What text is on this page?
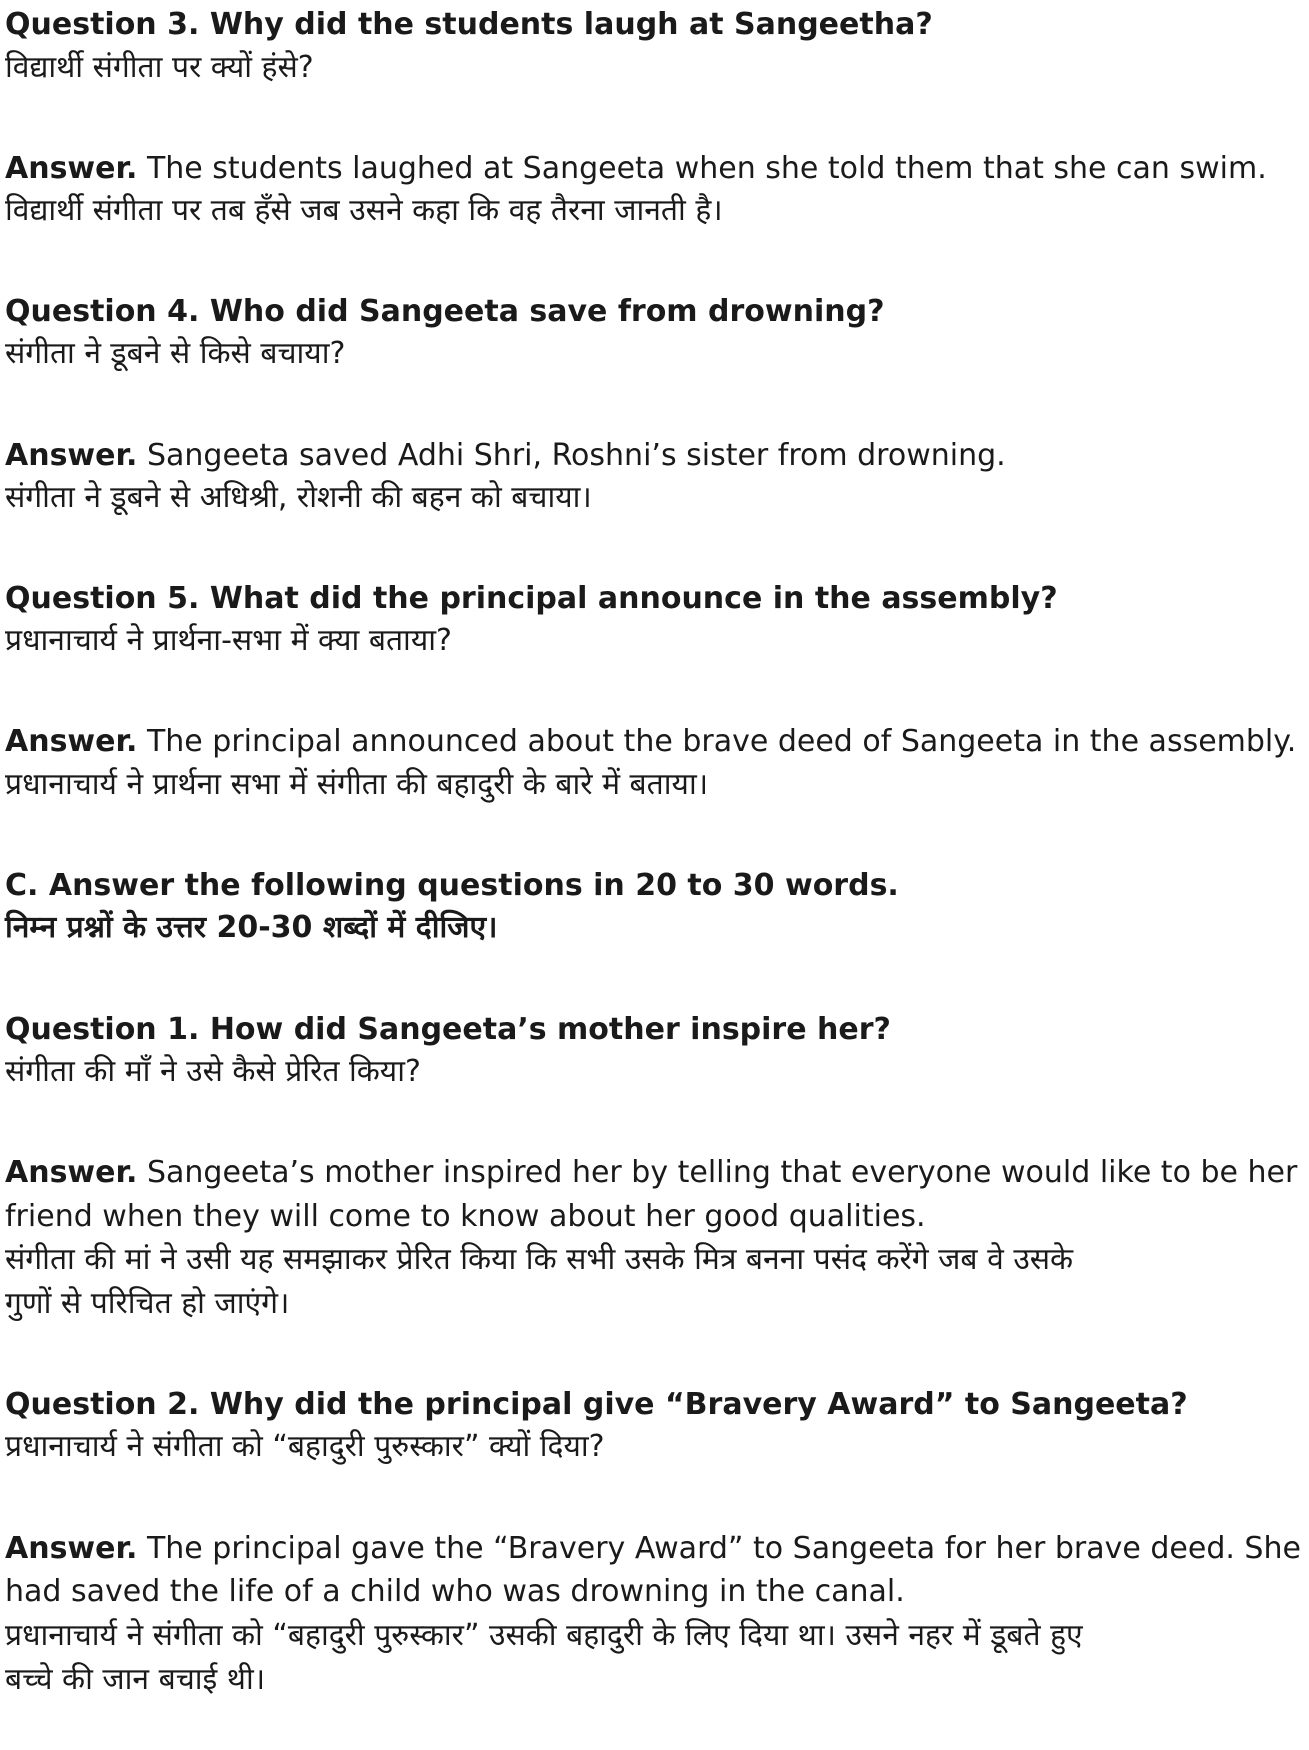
Question 3. Why did the students laugh at Sangeetha?
विद्यार्थी संगीता पर क्यों हंसे?
Answer. The students laughed at Sangeeta when she told them that she can swim.
विद्यार्थी संगीता पर तब हँसे जब उसने कहा कि वह तैरना जानती है।
Question 4. Who did Sangeeta save from drowning?
संगीता ने डूबने से किसे बचाया?
Answer. Sangeeta saved Adhi Shri, Roshni’s sister from drowning.
संगीता ने डूबने से अधिश्री, रोशनी की बहन को बचाया।
Question 5. What did the principal announce in the assembly?
प्रधानाचार्य ने प्रार्थना-सभा में क्या बताया?
Answer. The principal announced about the brave deed of Sangeeta in the assembly.
प्रधानाचार्य ने प्रार्थना सभा में संगीता की बहादुरी के बारे में बताया।
C. Answer the following questions in 20 to 30 words.
निम्न प्रश्नों के उत्तर 20-30 शब्दों में दीजिए।
Question 1. How did Sangeeta’s mother inspire her?
संगीता की माँ ने उसे कैसे प्रेरित किया?
Answer. Sangeeta’s mother inspired her by telling that everyone would like to be her
friend when they will come to know about her good qualities.
संगीता की मां ने उसी यह समझाकर प्रेरित किया कि सभी उसके मित्र बनना पसंद करेंगे जब वे उसके
गुणों से परिचित हो जाएंगे।
Question 2. Why did the principal give “Bravery Award” to Sangeeta?
प्रधानाचार्य ने संगीता को “बहादुरी पुरुस्कार” क्यों दिया?
Answer. The principal gave the “Bravery Award” to Sangeeta for her brave deed. She
had saved the life of a child who was drowning in the canal.
प्रधानाचार्य ने संगीता को “बहादुरी पुरुस्कार” उसकी बहादुरी के लिए दिया था। उसने नहर में डूबते हुए
बच्चे की जान बचाई थी।
